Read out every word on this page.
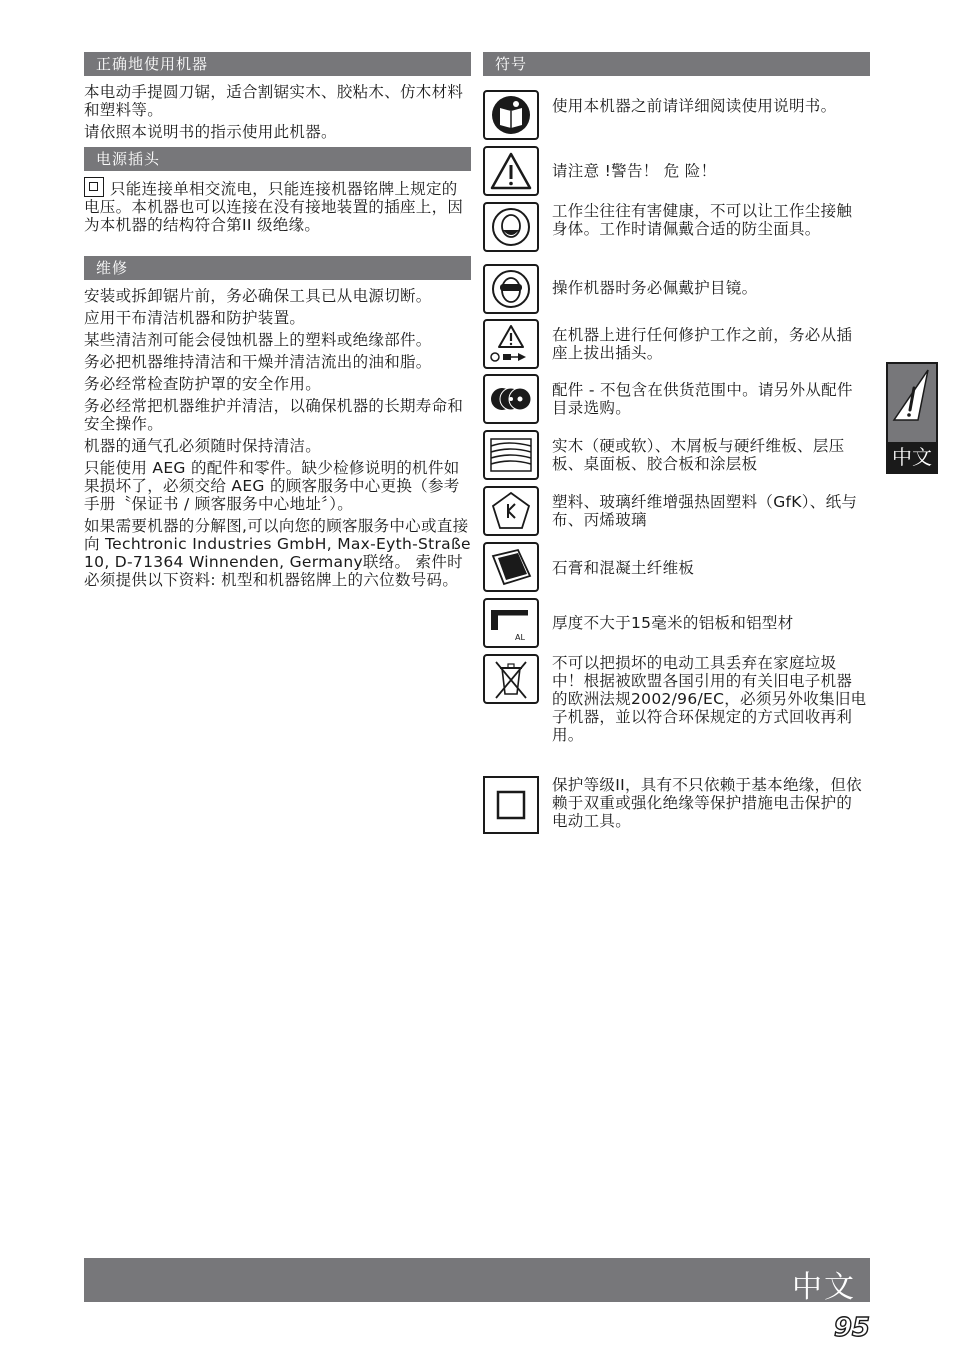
正确地使用机器

本电动手提圆刀锯，适合割锯实木、胶粘木、仿木材料和塑料等。

请依照本说明书的指示使用此机器。

电源插头

只能连接单相交流电，只能连接机器铭牌上规定的电压。本机器也可以连接在没有接地装置的插座上，因为本机器的结构符合第II 级绝缘。

维修

安装或拆卸锯片前，务必确保工具已从电源切断。

应用干布清洁机器和防护装置。

某些清洁剂可能会侵蚀机器上的塑料或绝缘部件。

务必把机器维持清洁和干燥并清洁流出的油和脂。

务必经常检查防护罩的安全作用。

务必经常把机器维护并清洁，以确保机器的长期寿命和安全操作。

机器的通气孔必须随时保持清洁。

只能使用 AEG 的配件和零件。缺少检修说明的机件如果损坏了，必须交给 AEG 的顾客服务中心更换（参考手册〝保证书 / 顾客服务中心地址〞）。

如果需要机器的分解图,可以向您的顾客服务中心或直接向 Techtronic Industries GmbH, Max-Eyth-Straße 10, D-71364 Winnenden, Germany联络。 索件时必须提供以下资料: 机型和机器铭牌上的六位数号码。

符号
使用本机器之前请详细阅读使用说明书。
请注意 !警告！ 危 险！
工作尘往往有害健康，不可以让工作尘接触身体。工作时请佩戴合适的防尘面具。
操作机器时务必佩戴护目镜。
在机器上进行任何修护工作之前，务必从插座上拔出插头。
配件 - 不包含在供货范围中。请另外从配件目录选购。
实木（硬或软）、木屑板与硬纤维板、层压板、桌面板、胶合板和涂层板
塑料、玻璃纤维增强热固塑料（GfK）、纸与布、丙烯玻璃
石膏和混凝土纤维板
AL
厚度不大于15毫米的铝板和铝型材
不可以把损坏的电动工具丢弃在家庭垃圾中！根据被欧盟各国引用的有关旧电子机器的欧洲法规2002/96/EC，必须另外收集旧电子机器，並以符合环保规定的方式回收再利用。
保护等级II，具有不只依赖于基本绝缘，但依赖于双重或强化绝缘等保护措施电击保护的电动工具。
中文
中文
95
